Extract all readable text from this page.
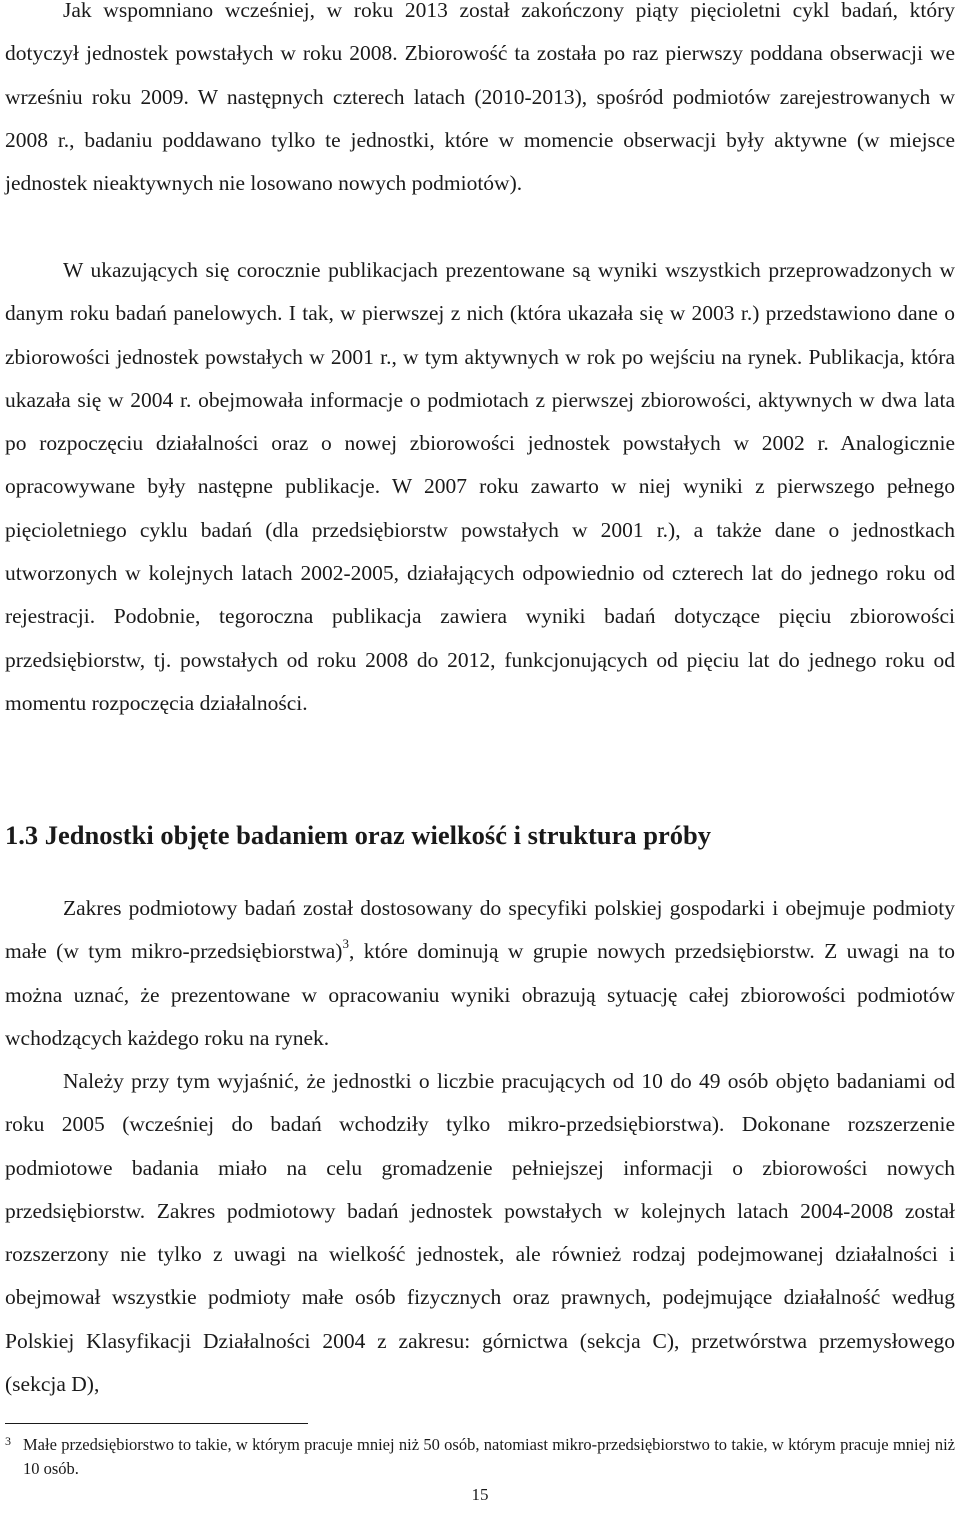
Jak wspomniano wcześniej, w roku 2013 został zakończony piąty pięcioletni cykl badań, który dotyczył jednostek powstałych w roku 2008. Zbiorowość ta została po raz pierwszy poddana obserwacji we wrześniu roku 2009. W następnych czterech latach (2010-2013), spośród podmiotów zarejestrowanych w 2008 r., badaniu poddawano tylko te jednostki, które w momencie obserwacji były aktywne (w miejsce jednostek nieaktywnych nie losowano nowych podmiotów).

W ukazujących się corocznie publikacjach prezentowane są wyniki wszystkich przeprowadzonych w danym roku badań panelowych. I tak, w pierwszej z nich (która ukazała się w 2003 r.) przedstawiono dane o zbiorowości jednostek powstałych w 2001 r., w tym aktywnych w rok po wejściu na rynek. Publikacja, która ukazała się w 2004 r. obejmowała informacje o podmiotach z pierwszej zbiorowości, aktywnych w dwa lata po rozpoczęciu działalności oraz o nowej zbiorowości jednostek powstałych w 2002 r. Analogicznie opracowywane były następne publikacje. W 2007 roku zawarto w niej wyniki z pierwszego pełnego pięcioletniego cyklu badań (dla przedsiębiorstw powstałych w 2001 r.), a także dane o jednostkach utworzonych w kolejnych latach 2002-2005, działających odpowiednio od czterech lat do jednego roku od rejestracji. Podobnie, tegoroczna publikacja zawiera wyniki badań dotyczące pięciu zbiorowości przedsiębiorstw, tj. powstałych od roku 2008 do 2012, funkcjonujących od pięciu lat do jednego roku od momentu rozpoczęcia działalności.

1.3 Jednostki objęte badaniem oraz wielkość i struktura próby

Zakres podmiotowy badań został dostosowany do specyfiki polskiej gospodarki i obejmuje podmioty małe (w tym mikro-przedsiębiorstwa)$^3$, które dominują w grupie nowych przedsiębiorstw. Z uwagi na to można uznać, że prezentowane w opracowaniu wyniki obrazują sytuację całej zbiorowości podmiotów wchodzących każdego roku na rynek.

Należy przy tym wyjaśnić, że jednostki o liczbie pracujących od 10 do 49 osób objęto badaniami od roku 2005 (wcześniej do badań wchodziły tylko mikro-przedsiębiorstwa). Dokonane rozszerzenie podmiotowe badania miało na celu gromadzenie pełniejszej informacji o zbiorowości nowych przedsiębiorstw. Zakres podmiotowy badań jednostek powstałych w kolejnych latach 2004-2008 został rozszerzony nie tylko z uwagi na wielkość jednostek, ale również rodzaj podejmowanej działalności i obejmował wszystkie podmioty małe osób fizycznych oraz prawnych, podejmujące działalność według Polskiej Klasyfikacji Działalności 2004 z zakresu: górnictwa (sekcja C), przetwórstwa przemysłowego (sekcja D),

3 Małe przedsiębiorstwo to takie, w którym pracuje mniej niż 50 osób, natomiast mikro-przedsiębiorstwo to takie, w którym pracuje mniej niż 10 osób.
15
